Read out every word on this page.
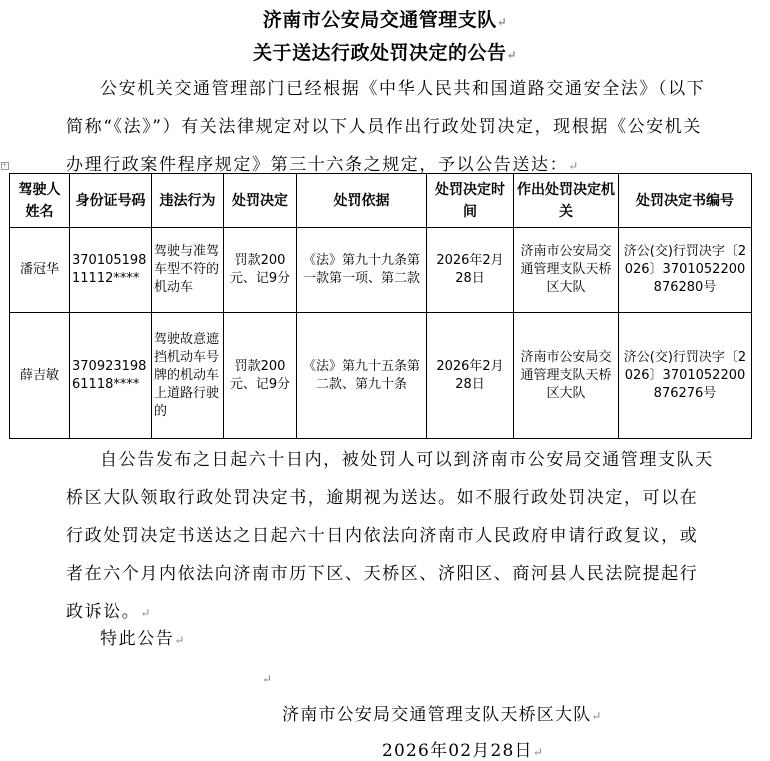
济南市公安局交通管理支队↵
关于送达行政处罚决定的公告↵
公安机关交通管理部门已经根据《中华人民共和国道路交通安全法》（以下简称“《法》”）有关法律规定对以下人员作出行政处罚决定，现根据《公安机关办理行政案件程序规定》第三十六条之规定，予以公告送达：↵
+
驾驶人姓名	身份证号码	违法行为	处罚决定	处罚依据	处罚决定时间	作出处罚决定机关	处罚决定书编号
潘冠华	37010519811112****	驾驶与准驾车型不符的机动车	罚款200元、记9分	《法》第九十九条第一款第一项、第二款	2026年2月28日	济南市公安局交通管理支队天桥区大队	济公(交)行罚决字〔2026〕3701052200876280号
薛吉敏	37092319861118****	驾驶故意遮挡机动车号牌的机动车上道路行驶的	罚款200元、记9分	《法》第九十五条第二款、第九十条	2026年2月28日	济南市公安局交通管理支队天桥区大队	济公(交)行罚决字〔2026〕3701052200876276号
自公告发布之日起六十日内，被处罚人可以到济南市公安局交通管理支队天桥区大队领取行政处罚决定书，逾期视为送达。如不服行政处罚决定，可以在行政处罚决定书送达之日起六十日内依法向济南市人民政府申请行政复议，或者在六个月内依法向济南市历下区、天桥区、济阳区、商河县人民法院提起行政诉讼。↵
特此公告↵
↵
济南市公安局交通管理支队天桥区大队↵
2026年02月28日↵
